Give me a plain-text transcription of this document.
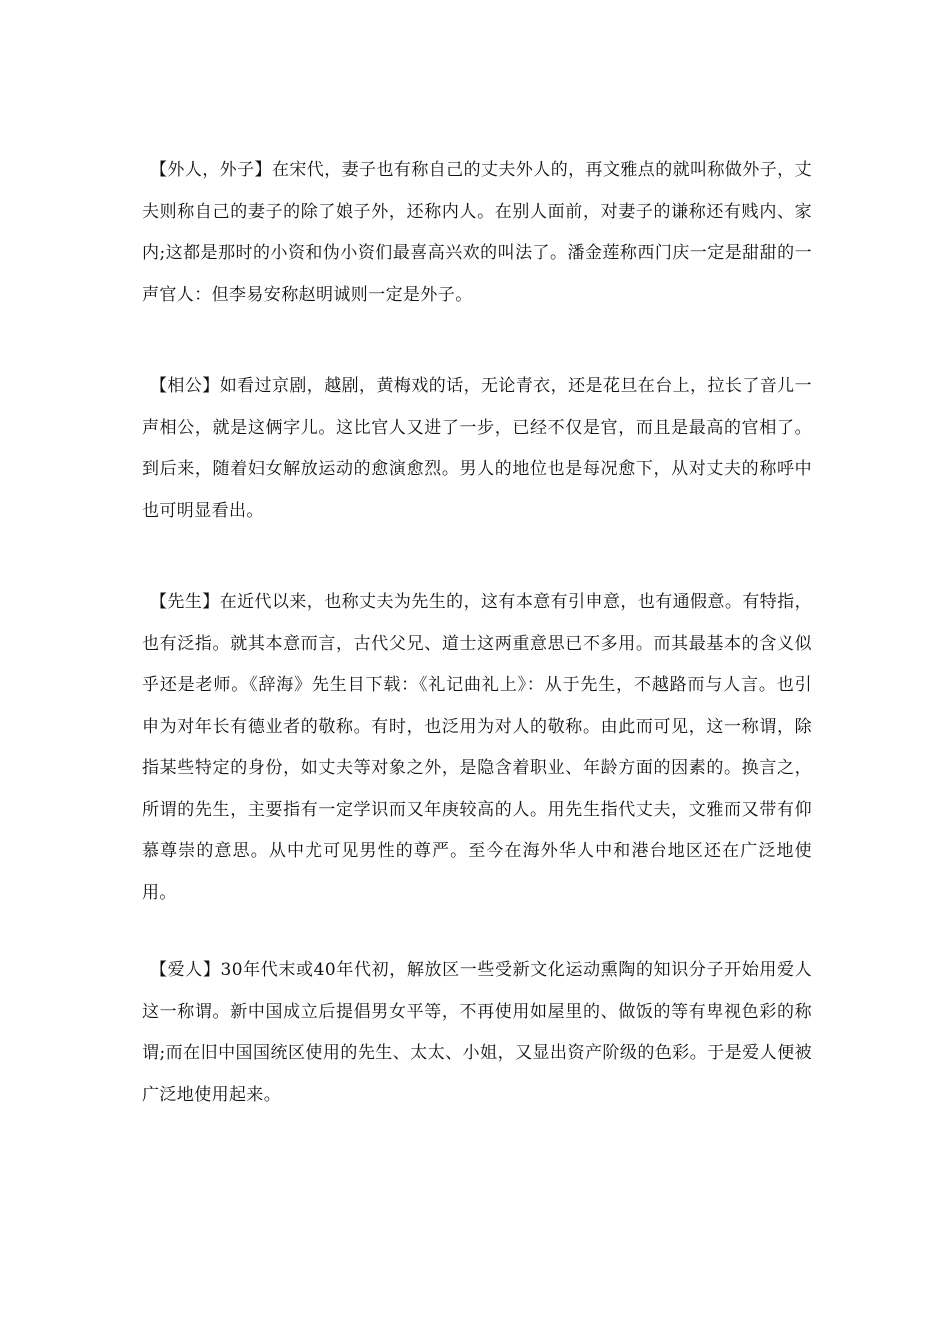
【外人，外子】在宋代，妻子也有称自己的丈夫外人的，再文雅点的就叫称做外子，丈夫则称自己的妻子的除了娘子外，还称内人。在别人面前，对妻子的谦称还有贱内、家内;这都是那时的小资和伪小资们最喜高兴欢的叫法了。潘金莲称西门庆一定是甜甜的一声官人：但李易安称赵明诚则一定是外子。

【相公】如看过京剧，越剧，黄梅戏的话，无论青衣，还是花旦在台上，拉长了音儿一声相公，就是这俩字儿。这比官人又进了一步，已经不仅是官，而且是最高的官相了。到后来，随着妇女解放运动的愈演愈烈。男人的地位也是每况愈下，从对丈夫的称呼中也可明显看出。

【先生】在近代以来，也称丈夫为先生的，这有本意有引申意，也有通假意。有特指，也有泛指。就其本意而言，古代父兄、道士这两重意思已不多用。而其最基本的含义似乎还是老师。《辞海》先生目下载：《礼记曲礼上》：从于先生，不越路而与人言。也引申为对年长有德业者的敬称。有时，也泛用为对人的敬称。由此而可见，这一称谓，除指某些特定的身份，如丈夫等对象之外，是隐含着职业、年龄方面的因素的。换言之，所谓的先生，主要指有一定学识而又年庚较高的人。用先生指代丈夫，文雅而又带有仰慕尊崇的意思。从中尤可见男性的尊严。至今在海外华人中和港台地区还在广泛地使用。

【爱人】30年代末或40年代初，解放区一些受新文化运动熏陶的知识分子开始用爱人这一称谓。新中国成立后提倡男女平等，不再使用如屋里的、做饭的等有卑视色彩的称谓;而在旧中国国统区使用的先生、太太、小姐，又显出资产阶级的色彩。于是爱人便被广泛地使用起来。
